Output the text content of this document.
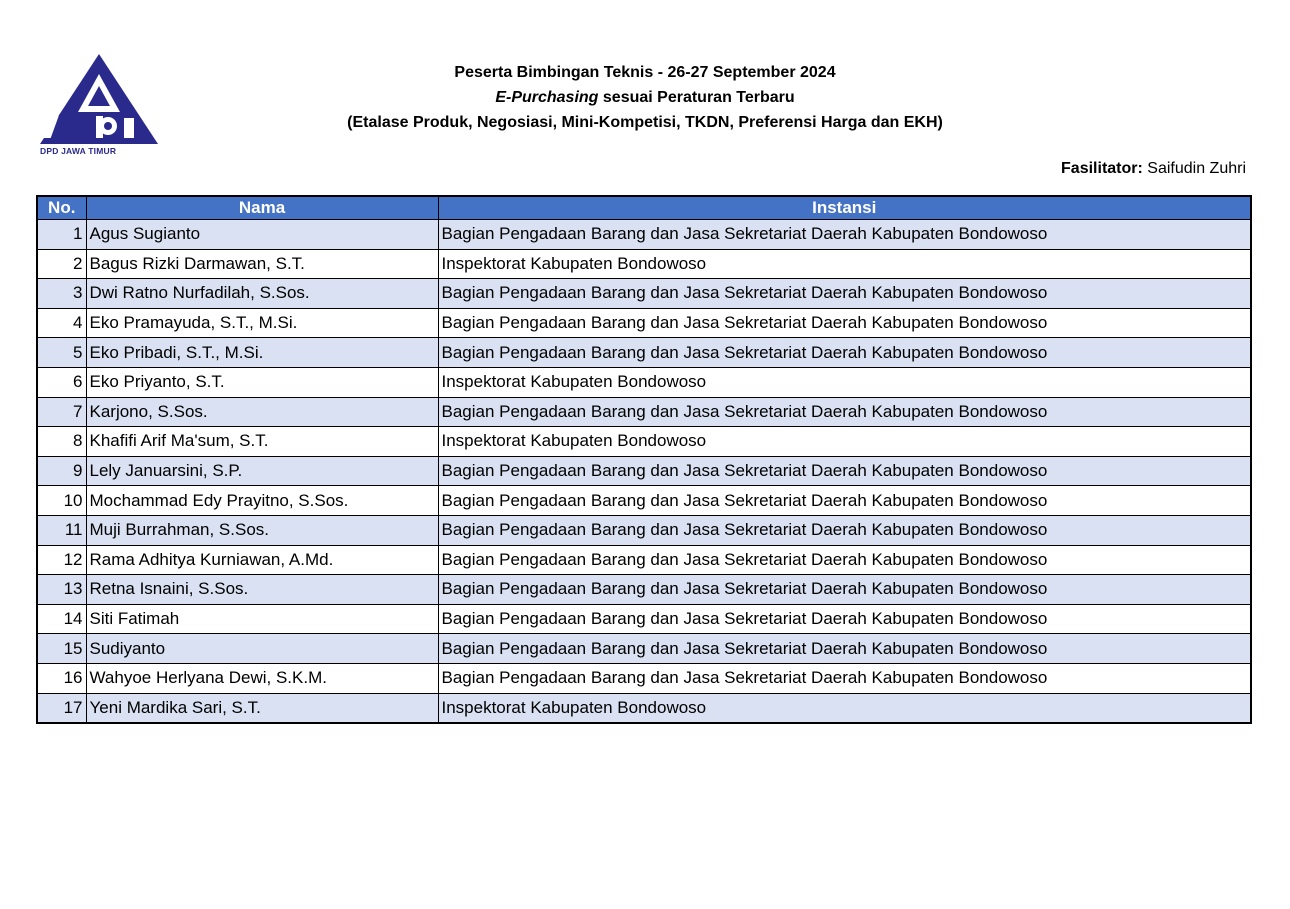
DPD JAWA TIMUR
Peserta Bimbingan Teknis - 26-27 September 2024
E-Purchasing sesuai Peraturan Terbaru
(Etalase Produk, Negosiasi, Mini-Kompetisi, TKDN, Preferensi Harga dan EKH)
Fasilitator: Saifudin Zuhri
No.	Nama	Instansi
1	Agus Sugianto	Bagian Pengadaan Barang dan Jasa Sekretariat Daerah Kabupaten Bondowoso
2	Bagus Rizki Darmawan, S.T.	Inspektorat Kabupaten Bondowoso
3	Dwi Ratno Nurfadilah, S.Sos.	Bagian Pengadaan Barang dan Jasa Sekretariat Daerah Kabupaten Bondowoso
4	Eko Pramayuda, S.T., M.Si.	Bagian Pengadaan Barang dan Jasa Sekretariat Daerah Kabupaten Bondowoso
5	Eko Pribadi, S.T., M.Si.	Bagian Pengadaan Barang dan Jasa Sekretariat Daerah Kabupaten Bondowoso
6	Eko Priyanto, S.T.	Inspektorat Kabupaten Bondowoso
7	Karjono, S.Sos.	Bagian Pengadaan Barang dan Jasa Sekretariat Daerah Kabupaten Bondowoso
8	Khafifi Arif Ma'sum, S.T.	Inspektorat Kabupaten Bondowoso
9	Lely Januarsini, S.P.	Bagian Pengadaan Barang dan Jasa Sekretariat Daerah Kabupaten Bondowoso
10	Mochammad Edy Prayitno, S.Sos.	Bagian Pengadaan Barang dan Jasa Sekretariat Daerah Kabupaten Bondowoso
11	Muji Burrahman, S.Sos.	Bagian Pengadaan Barang dan Jasa Sekretariat Daerah Kabupaten Bondowoso
12	Rama Adhitya Kurniawan, A.Md.	Bagian Pengadaan Barang dan Jasa Sekretariat Daerah Kabupaten Bondowoso
13	Retna Isnaini, S.Sos.	Bagian Pengadaan Barang dan Jasa Sekretariat Daerah Kabupaten Bondowoso
14	Siti Fatimah	Bagian Pengadaan Barang dan Jasa Sekretariat Daerah Kabupaten Bondowoso
15	Sudiyanto	Bagian Pengadaan Barang dan Jasa Sekretariat Daerah Kabupaten Bondowoso
16	Wahyoe Herlyana Dewi, S.K.M.	Bagian Pengadaan Barang dan Jasa Sekretariat Daerah Kabupaten Bondowoso
17	Yeni Mardika Sari, S.T.	Inspektorat Kabupaten Bondowoso
